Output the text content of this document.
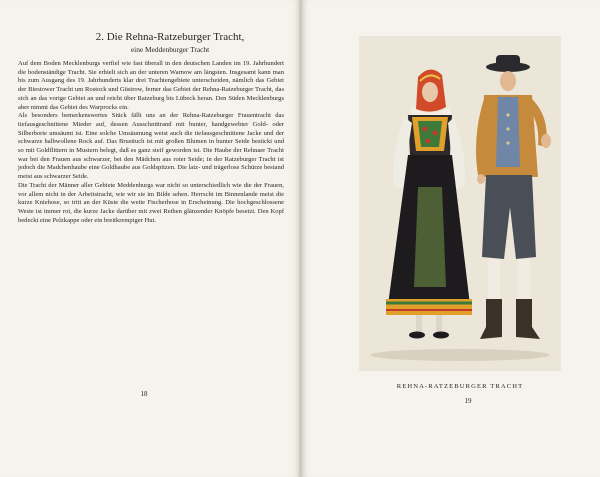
2. Die Rehna-Ratzeburger Tracht,
eine Meddenburger Tracht

Auf dem Boden Mecklenburgs verfiel wie fast überall in den deutschen Landen im 19. Jahrhundert die bodenständige Tracht. Sie erhielt sich an der unteren Warnow am längsten. Insgesamt kann man bis zum Ausgang des 19. Jahrhunderts klar drei Trachtengebiete unterscheiden, nämlich das Gebiet der Biestower Tracht um Rostock und Güstrow, ferner das Gebiet der Rehna-Ratzeburger Tracht, das sich an das vorige Gebiet an und reicht über Ratzeburg bis Lübeck heran. Den Süden Mecklenburgs aber nimmt das Gebiet des Warprocks ein.

Als besonders bemerkenswertes Stück fällt uns an der Rehna-Ratzeburger Frauentracht das tiefausgeschnittene Mieder auf, dessen Ausschnittrand mit bunter, handgewebter Gold- oder Silberborte umsäumt ist. Eine solche Umsäumung weist auch die tiefausgeschnittene Jacke und der schwarze halbwollene Rock auf. Das Brusttuch ist mit großen Blumen in bunter Seide bestickt und so mit Goldflittern in Mustern belegt, daß es ganz steif geworden ist. Die Haube der Rehnaer Tracht war bei den Frauen aus schwarzer, bei den Mädchen aus roter Seide; in der Ratzeburger Tracht ist jedoch die Madchenhaube eine Goldhaube aus Goldspitzen. Die latz- und trägerlose Schürze bestand meist aus schwarzer Seide.

Die Tracht der Männer aller Gebiete Meddenburgs war nicht so unterschiedlich wie die der Frauen, vor allem nicht in der Arbeitstracht, wie wir sie im Bilde sehen. Herrscht im Binnenlande meist die kurze Kniehose, so tritt an der Küste die weite Fischerhose in Erscheinung. Die hochgeschlossene Weste ist immer rot, die kurze Jacke darüber mit zwei Reihen glänzender Knöpfe besetzt. Den Kopf bedeckt eine Pelzkappe oder ein breitkrempiger Hut.

18
REHNA-RATZEBURGER TRACHT
19
